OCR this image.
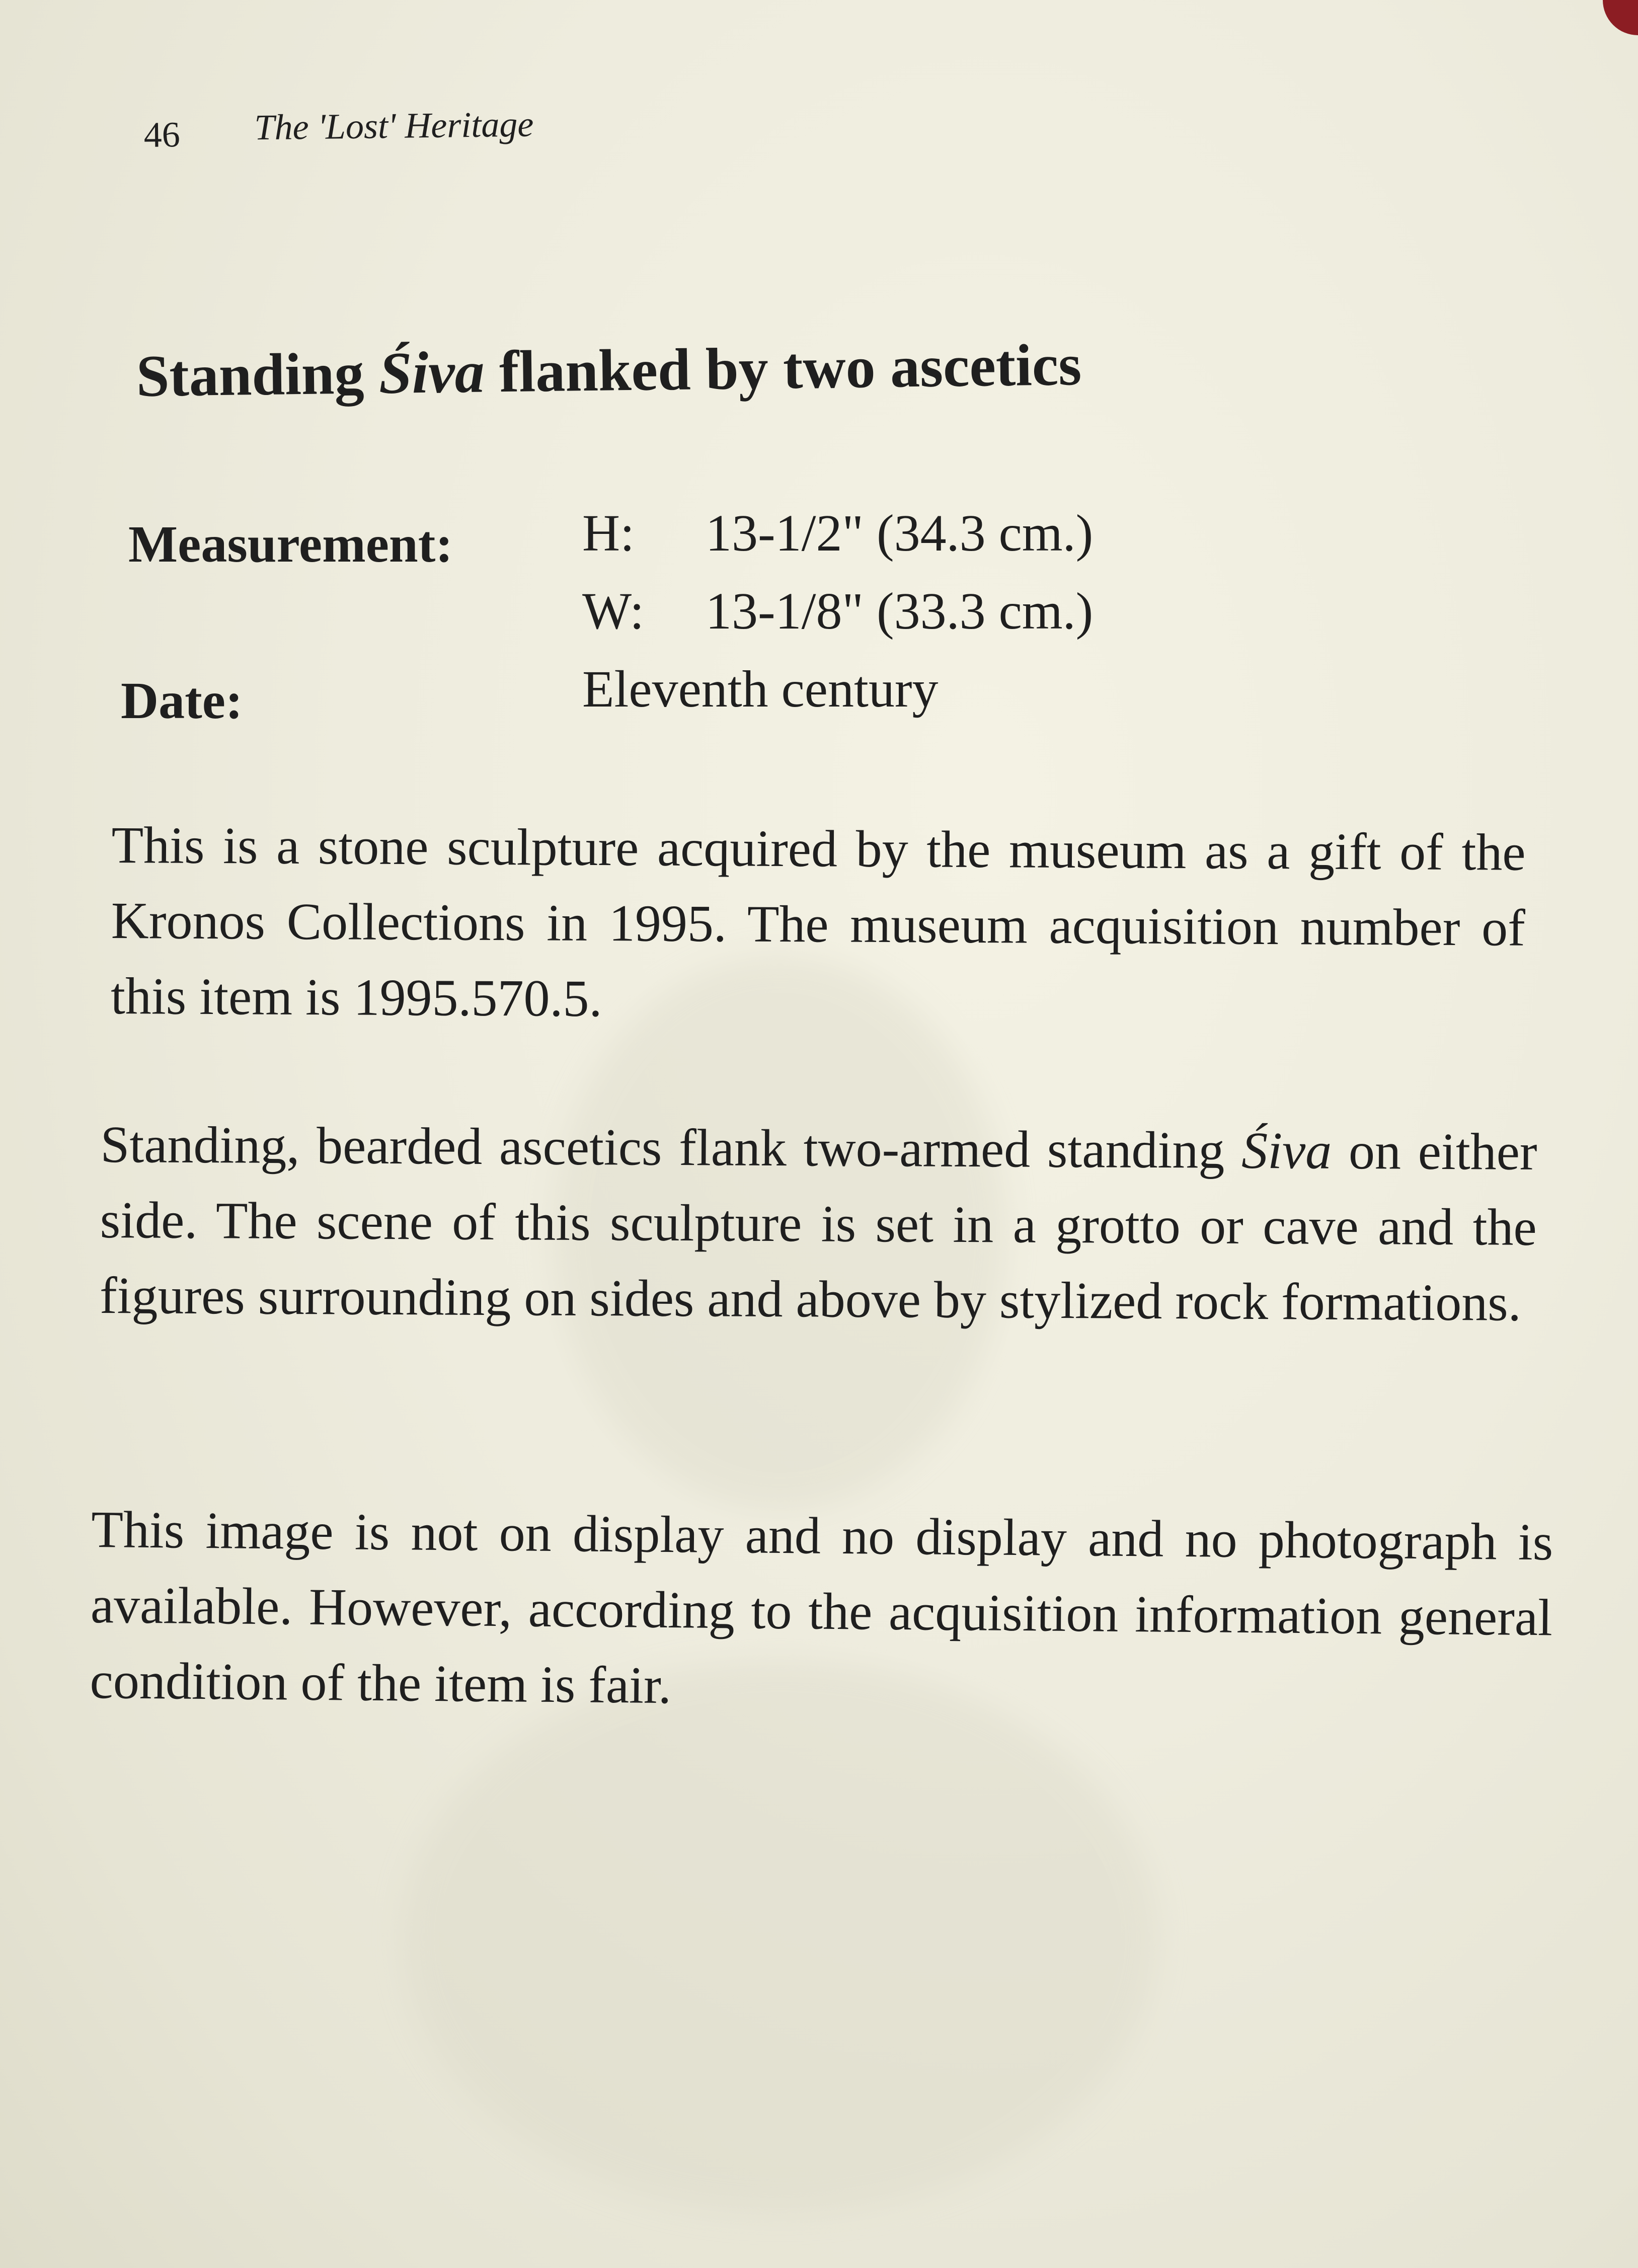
46 The 'Lost' Heritage
Standing Śiva flanked by two ascetics
Measurement: H: 13-1/2" (34.3 cm.)
W: 13-1/8" (33.3 cm.)
Date:	Eleventh century

This is a stone sculpture acquired by the museum as a gift of the Kronos Collections in 1995. The museum acquisition number of this item is 1995.570.5.

Standing, bearded ascetics flank two-armed standing Śiva on either side. The scene of this sculpture is set in a grotto or cave and the figures surrounding on sides and above by stylized rock formations.

This image is not on display and no display and no photograph is available. However, according to the acquisition information general condition of the item is fair.
